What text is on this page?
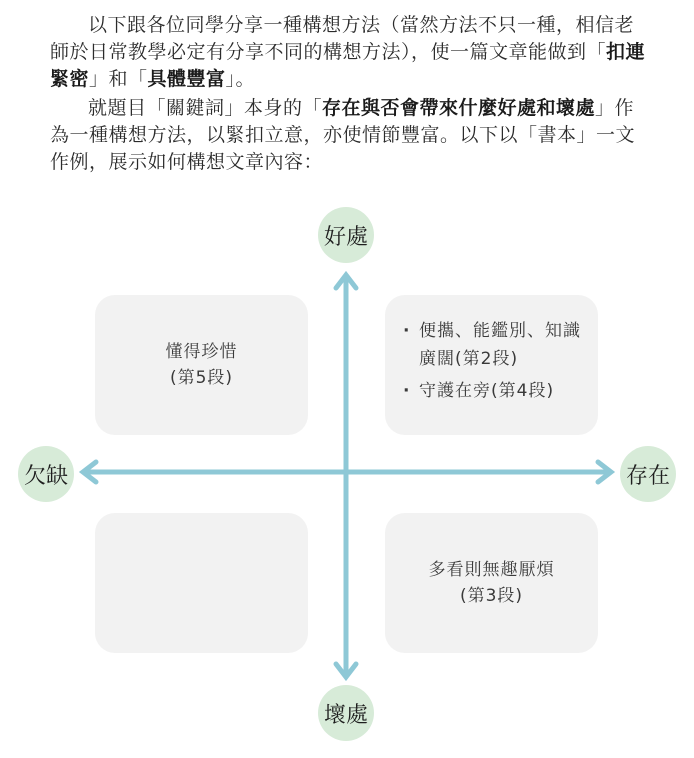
以下跟各位同學分享一種構想方法（當然方法不只一種，相信老師於日常教學必定有分享不同的構想方法），使一篇文章能做到「扣連緊密」和「具體豐富」。

就題目「關鍵詞」本身的「存在與否會帶來什麼好處和壞處」作為一種構想方法，以緊扣立意，亦使情節豐富。以下以「書本」一文作例，展示如何構想文章內容：

懂得珍惜
(第5段)
· 便攜、能鑑別、知識廣闊(第2段)
· 守護在旁(第4段)
多看則無趣厭煩
(第3段)
好處
欠缺	存在
壞處
